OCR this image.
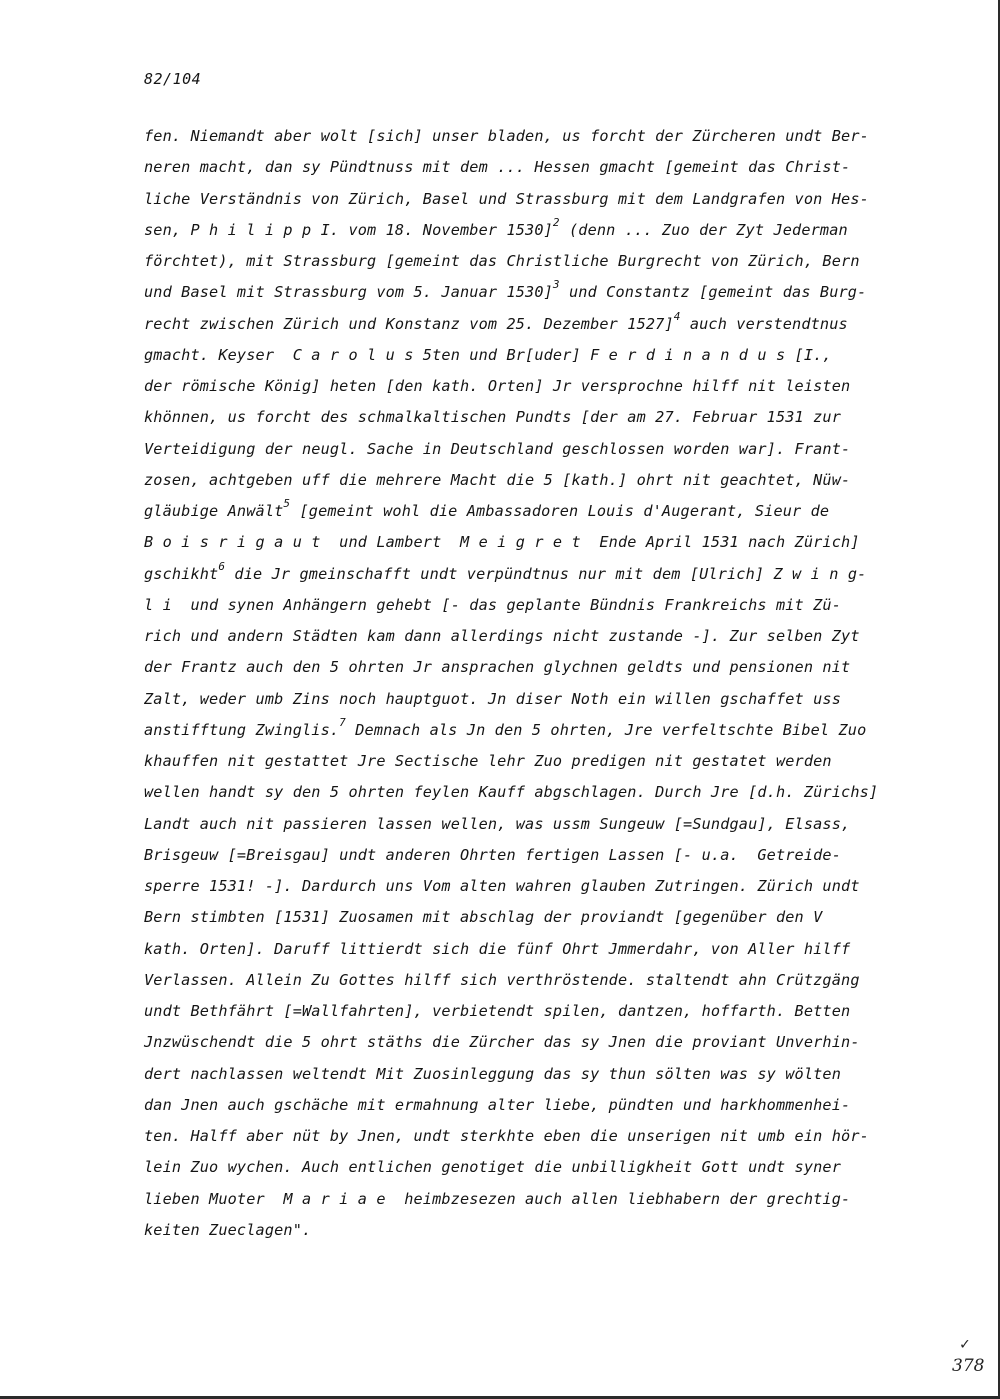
82/104
fen. Niemandt aber wolt [sich] unser bladen, us forcht der Zürcheren undt Ber-
neren macht, dan sy Pündtnuss mit dem ... Hessen gmacht [gemeint das Christ-
liche Verständnis von Zürich, Basel und Strassburg mit dem Landgrafen von Hes-
sen, P h i l i p p I. vom 18. November 1530]$^2$ (denn ... Zuo der Zyt Jederman
förchtet), mit Strassburg [gemeint das Christliche Burgrecht von Zürich, Bern
und Basel mit Strassburg vom 5. Januar 1530]$^3$ und Constantz [gemeint das Burg-
recht zwischen Zürich und Konstanz vom 25. Dezember 1527]$^4$ auch verstendtnus
gmacht. Keyser  C a r o l u s 5ten und Br[uder] F e r d i n a n d u s [I.,
der römische König] heten [den kath. Orten] Jr versprochne hilff nit leisten
khönnen, us forcht des schmalkaltischen Pundts [der am 27. Februar 1531 zur
Verteidigung der neugl. Sache in Deutschland geschlossen worden war]. Frant-
zosen, achtgeben uff die mehrere Macht die 5 [kath.] ohrt nit geachtet, Nüw-
gläubige Anwält$^5$ [gemeint wohl die Ambassadoren Louis d'Augerant, Sieur de
B o i s r i g a u t  und Lambert  M e i g r e t  Ende April 1531 nach Zürich]
gschikht$^6$ die Jr gmeinschafft undt verpündtnus nur mit dem [Ulrich] Z w i n g-
l i  und synen Anhängern gehebt [- das geplante Bündnis Frankreichs mit Zü-
rich und andern Städten kam dann allerdings nicht zustande -]. Zur selben Zyt
der Frantz auch den 5 ohrten Jr ansprachen glychnen geldts und pensionen nit
Zalt, weder umb Zins noch hauptguot. Jn diser Noth ein willen gschaffet uss
anstifftung Zwinglis.$^7$ Demnach als Jn den 5 ohrten, Jre verfeltschte Bibel Zuo
khauffen nit gestattet Jre Sectische lehr Zuo predigen nit gestatet werden
wellen handt sy den 5 ohrten feylen Kauff abgschlagen. Durch Jre [d.h. Zürichs]
Landt auch nit passieren lassen wellen, was ussm Sungeuw [=Sundgau], Elsass,
Brisgeuw [=Breisgau] undt anderen Ohrten fertigen Lassen [- u.a.  Getreide-
sperre 1531! -]. Dardurch uns Vom alten wahren glauben Zutringen. Zürich undt
Bern stimbten [1531] Zuosamen mit abschlag der proviandt [gegenüber den V
kath. Orten]. Daruff littierdt sich die fünf Ohrt Jmmerdahr, von Aller hilff
Verlassen. Allein Zu Gottes hilff sich verthröstende. staltendt ahn Crützgäng
undt Bethfährt [=Wallfahrten], verbietendt spilen, dantzen, hoffarth. Betten
Jnzwüschendt die 5 ohrt stäths die Zürcher das sy Jnen die proviant Unverhin-
dert nachlassen weltendt Mit Zuosinleggung das sy thun sölten was sy wölten
dan Jnen auch gschäche mit ermahnung alter liebe, pündten und harkhommenhei-
ten. Halff aber nüt by Jnen, undt sterkhte eben die unserigen nit umb ein hör-
lein Zuo wychen. Auch entlichen genotiget die unbilligkheit Gott undt syner
lieben Muoter  M a r i a e  heimbzesezen auch allen liebhabern der grechtig-
keiten Zueclagen".
✓
378
